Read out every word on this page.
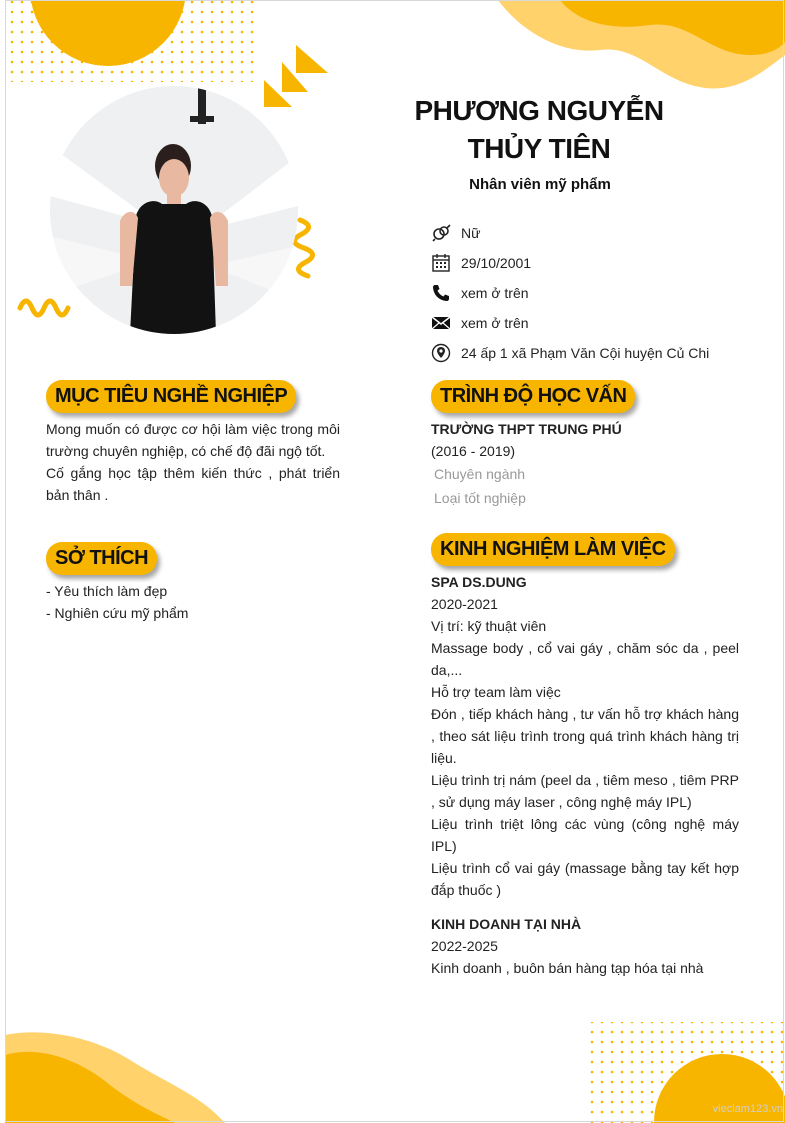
PHƯƠNG NGUYỄN THỦY TIÊN
Nhân viên mỹ phẩm
Nữ
29/10/2001
xem ở trên
xem ở trên
24 ấp 1 xã Phạm Văn Cội huyện Củ Chi
MỤC TIÊU NGHỀ NGHIỆP

Mong muốn có được cơ hội làm việc trong môi trường chuyên nghiệp, có chế độ đãi ngộ tốt.

Cố gắng học tập thêm kiến thức , phát triển bản thân .

SỞ THÍCH
- Yêu thích làm đẹp
- Nghiên cứu mỹ phẩm
TRÌNH ĐỘ HỌC VẤN
TRƯỜNG THPT TRUNG PHÚ
(2016 - 2019)
Chuyên ngành
Loại tốt nghiệp
KINH NGHIỆM LÀM VIỆC
SPA DS.DUNG
2020-2021

Vị trí: kỹ thuật viên

Massage body , cổ vai gáy , chăm sóc da , peel da,...

Hỗ trợ team làm việc

Đón , tiếp khách hàng , tư vấn hỗ trợ khách hàng , theo sát liệu trình trong quá trình khách hàng trị liệu.

Liệu trình trị nám (peel da , tiêm meso , tiêm PRP , sử dụng máy laser , công nghệ máy IPL)

Liệu trình triệt lông các vùng (công nghệ máy IPL)

Liệu trình cổ vai gáy (massage bằng tay kết hợp đắp thuốc )

KINH DOANH TẠI NHÀ
2022-2025

Kinh doanh , buôn bán hàng tạp hóa tại nhà

vieclam123.vn
